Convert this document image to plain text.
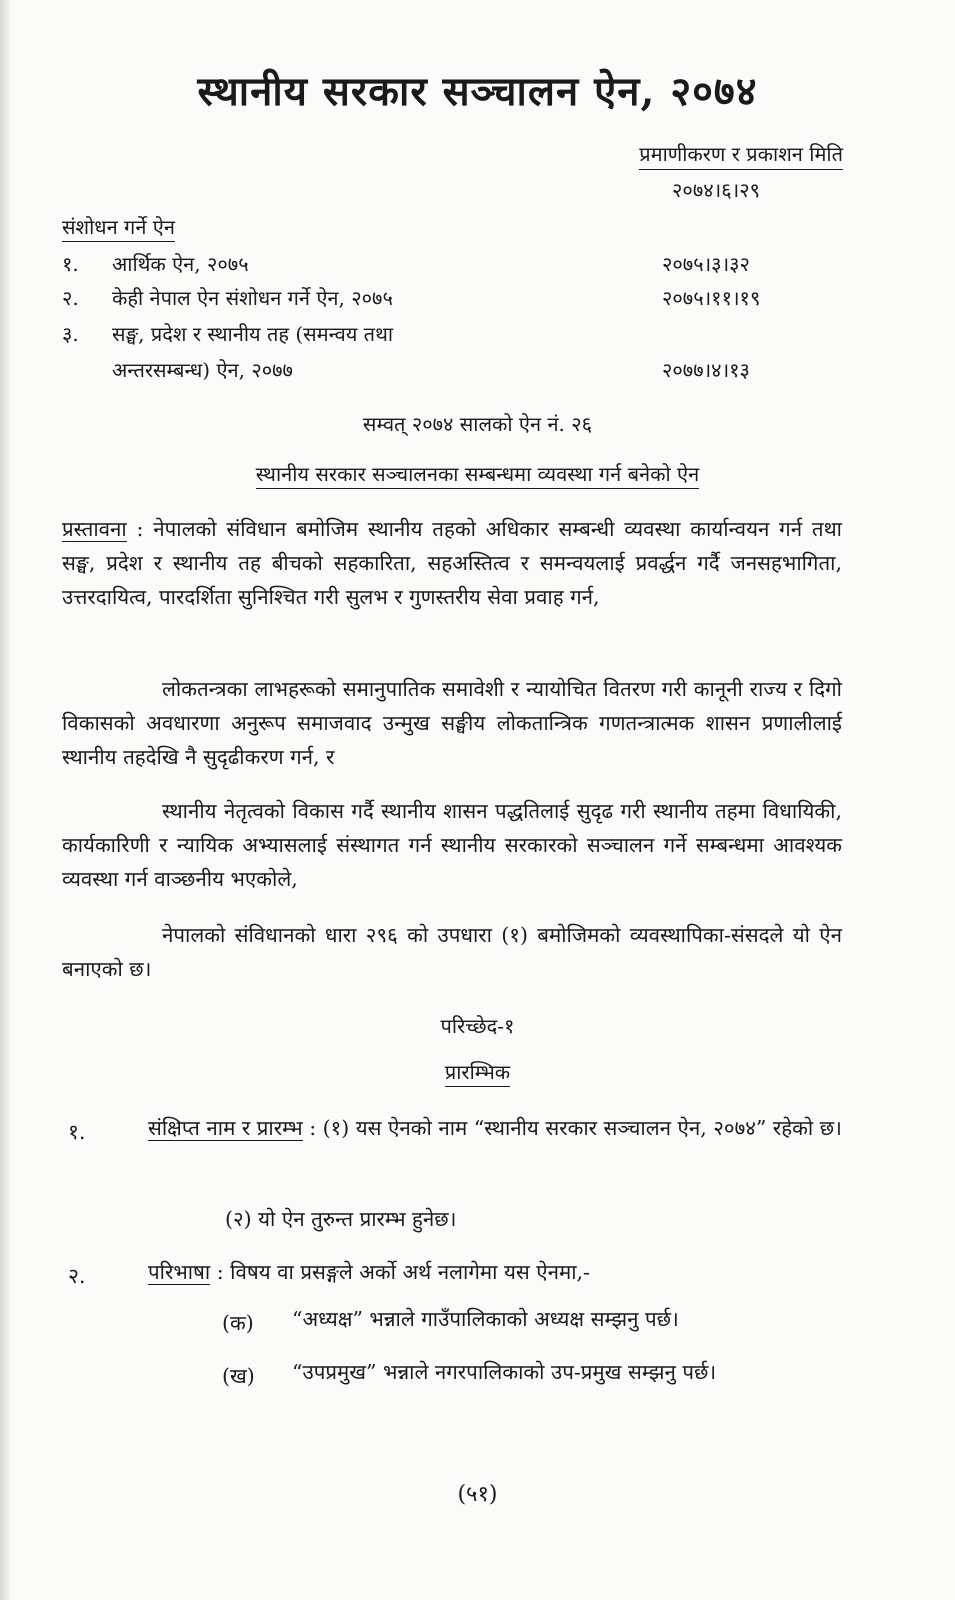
स्थानीय सरकार सञ्चालन ऐन, २०७४
प्रमाणीकरण र प्रकाशन मिति
२०७४।६।२९
संशोधन गर्ने ऐन
१. आर्थिक ऐन, २०७५	२०७५।३।३२
२. केही नेपाल ऐन संशोधन गर्ने ऐन, २०७५	२०७५।११।१९
३. सङ्घ, प्रदेश र स्थानीय तह (समन्वय तथा
अन्तरसम्बन्ध) ऐन, २०७७	२०७७।४।१३
सम्वत् २०७४ सालको ऐन नं. २६
स्थानीय सरकार सञ्चालनका सम्बन्धमा व्यवस्था गर्न बनेको ऐन

प्रस्तावना : नेपालको संविधान बमोजिम स्थानीय तहको अधिकार सम्बन्धी व्यवस्था कार्यान्वयन गर्न तथा सङ्घ, प्रदेश र स्थानीय तह बीचको सहकारिता, सहअस्तित्व र समन्वयलाई प्रवर्द्धन गर्दै जनसहभागिता, उत्तरदायित्व, पारदर्शिता सुनिश्चित गरी सुलभ र गुणस्तरीय सेवा प्रवाह गर्न,

लोकतन्त्रका लाभहरूको समानुपातिक समावेशी र न्यायोचित वितरण गरी कानूनी राज्य र दिगो विकासको अवधारणा अनुरूप समाजवाद उन्मुख सङ्घीय लोकतान्त्रिक गणतन्त्रात्मक शासन प्रणालीलाई स्थानीय तहदेखि नै सुदृढीकरण गर्न, र

स्थानीय नेतृत्वको विकास गर्दै स्थानीय शासन पद्धतिलाई सुदृढ गरी स्थानीय तहमा विधायिकी, कार्यकारिणी र न्यायिक अभ्यासलाई संस्थागत गर्न स्थानीय सरकारको सञ्चालन गर्ने सम्बन्धमा आवश्यक व्यवस्था गर्न वाञ्छनीय भएकोले,

नेपालको संविधानको धारा २९६ को उपधारा (१) बमोजिमको व्यवस्थापिका-संसदले यो ऐन बनाएको छ।

परिच्छेद-१
प्रारम्भिक
१.	संक्षिप्त नाम र प्रारम्भ : (१) यस ऐनको नाम “स्थानीय सरकार सञ्चालन ऐन, २०७४” रहेको छ।

(२) यो ऐन तुरुन्त प्रारम्भ हुनेछ।
२.	परिभाषा : विषय वा प्रसङ्गले अर्को अर्थ नलागेमा यस ऐनमा,-

(क) “अध्यक्ष” भन्नाले गाउँपालिकाको अध्यक्ष सम्झनु पर्छ।
(ख) “उपप्रमुख” भन्नाले नगरपालिकाको उप-प्रमुख सम्झनु पर्छ।
(५१)
